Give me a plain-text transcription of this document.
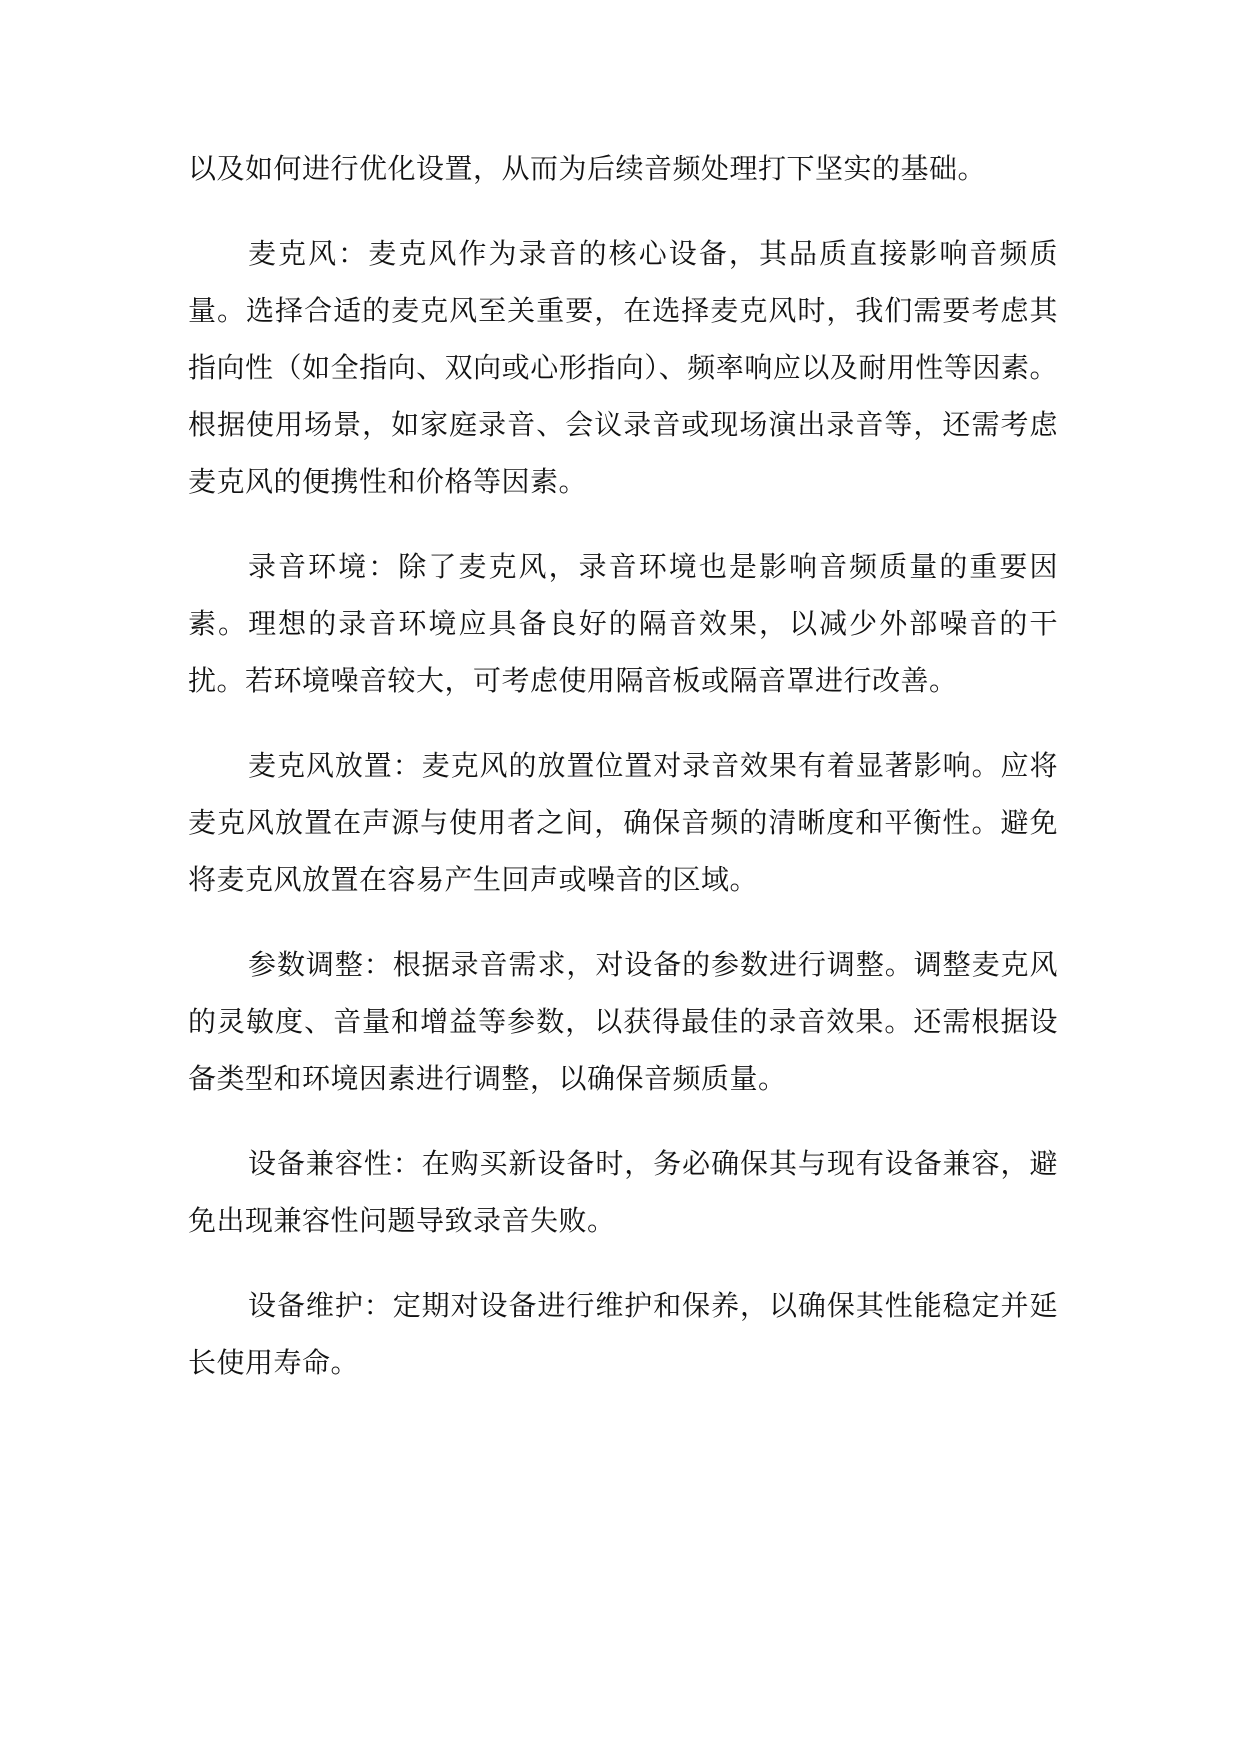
以及如何进行优化设置，从而为后续音频处理打下坚实的基础。

麦克风：麦克风作为录音的核心设备，其品质直接影响音频质量。选择合适的麦克风至关重要，在选择麦克风时，我们需要考虑其指向性（如全指向、双向或心形指向）、频率响应以及耐用性等因素。根据使用场景，如家庭录音、会议录音或现场演出录音等，还需考虑麦克风的便携性和价格等因素。

录音环境：除了麦克风，录音环境也是影响音频质量的重要因素。理想的录音环境应具备良好的隔音效果，以减少外部噪音的干扰。若环境噪音较大，可考虑使用隔音板或隔音罩进行改善。

麦克风放置：麦克风的放置位置对录音效果有着显著影响。应将麦克风放置在声源与使用者之间，确保音频的清晰度和平衡性。避免将麦克风放置在容易产生回声或噪音的区域。

参数调整：根据录音需求，对设备的参数进行调整。调整麦克风的灵敏度、音量和增益等参数，以获得最佳的录音效果。还需根据设备类型和环境因素进行调整，以确保音频质量。

设备兼容性：在购买新设备时，务必确保其与现有设备兼容，避免出现兼容性问题导致录音失败。

设备维护：定期对设备进行维护和保养，以确保其性能稳定并延长使用寿命。
